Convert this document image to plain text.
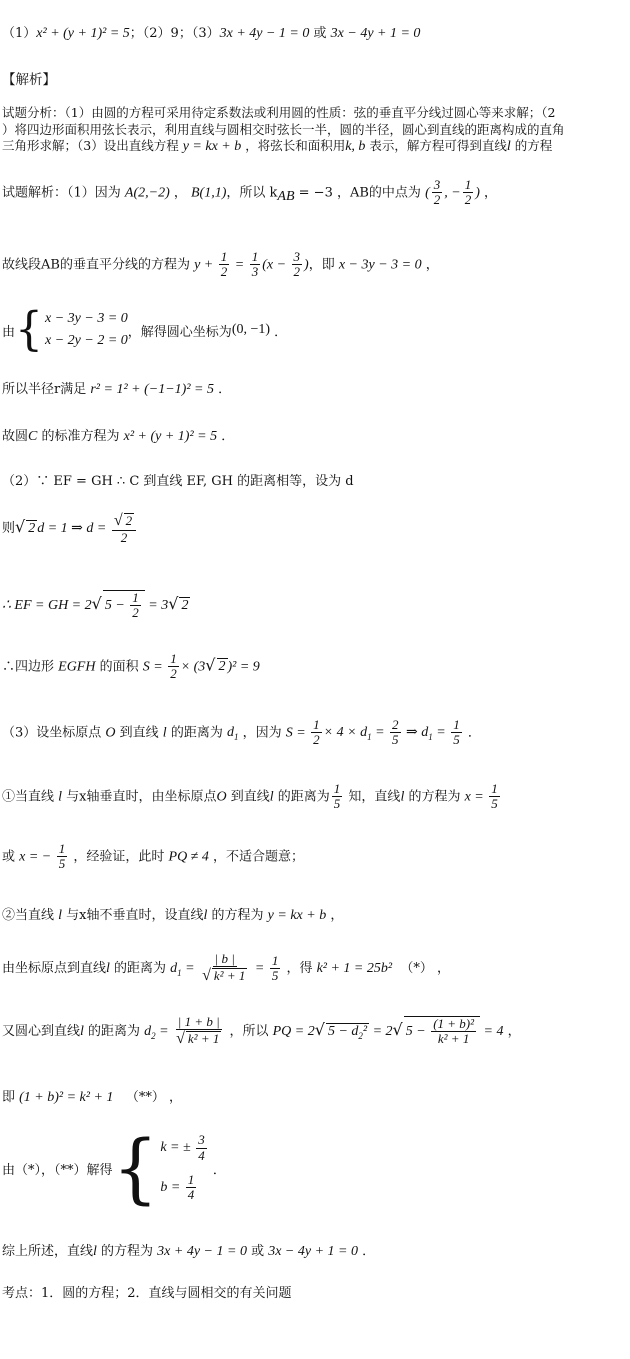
（1）x² + (y + 1)² = 5；（2）9；（3）3x + 4y − 1 = 0 或 3x − 4y + 1 = 0
【解析】
试题分析：（1）由圆的方程可采用待定系数法或利用圆的性质：弦的垂直平分线过圆心等来求解；（2
）将四边形面积用弦长表示，利用直线与圆相交时弦长一半，圆的半径，圆心到直线的距离构成的直角
三角形求解；（3）设出直线方程 y = kx + b ，将弦长和面积用k, b 表示，解方程可得到直线l 的方程
试题解析：（1）因为 A(2,−2) ， B(1,1)，所以 $k_{AB} = -3$ ，AB的中点为 ( $\frac{3}{2}$ , − $\frac{1}{2}$ ) ，
故线段AB的垂直平分线的方程为 $y + \frac{1}{2} = \frac{1}{3} (x - \frac{3}{2}$ )，即 x − 3y − 3 = 0 ，
由 { x − 3y − 3 = 0
x − 2y − 2 = 0
，解得圆心坐标为 (0, −1) ．
所以半径r满足 r² = 1² + (−1−1)² = 5 ．
故圆C 的标准方程为 x² + (y + 1)² = 5 ．
（2）∵ EF = GH ∴ C 到直线 EF, GH 的距离相等，设为 d
则√ 2 d = 1 ⇒ $d = \frac{√ 2}{2}$
∴ EF = GH = 2√ $5 - \frac{1}{2} = 3√$ 2
∴四边形 EGFH 的面积 $S = \frac{1}{2} \times (3√$ 2 )² = 9
（3）设坐标原点 O 到直线 l 的距离为 $d_1$ ，因为 $S = \frac{1}{2} \times 4 \times d_1 = \frac{2}{5}$ ⇒ $d_1 = \frac{1}{5}$ ．
①当直线 l 与x轴垂直时，由坐标原点O 到直线l 的距离为 $\frac{1}{5}$ 知，直线l 的方程为 $x = \frac{1}{5}$
或 x = − $\frac{1}{5}$ ，经验证，此时 PQ ≠ 4 ，不适合题意；
②当直线 l 与x轴不垂直时，设直线l 的方程为 y = kx + b ，
由坐标原点到直线l 的距离为 $d_1 = \frac{| b |}{\text{√ k² + 1}} = \frac{1}{5}$ ，得 k² + 1 = 25b² （*） ，
又圆心到直线l 的距离为 $d_2 = \frac{| 1 + b |}{\text{√ k² + 1}}$ ，所以 PQ = 2√ $5 - d_2^2 = 2√$ $5 - \frac{\text{(1 + b)²}}{\text{k² + 1}} = 4$ ，
即 (1 + b)² = k² + 1 （**） ，
由（*），（**）解得 { k = ± $\frac{3}{4}$
$b = \frac{1}{4}$
．
综上所述，直线l 的方程为 3x + 4y − 1 = 0 或 3x − 4y + 1 = 0 ．
考点：1．圆的方程；2．直线与圆相交的有关问题
